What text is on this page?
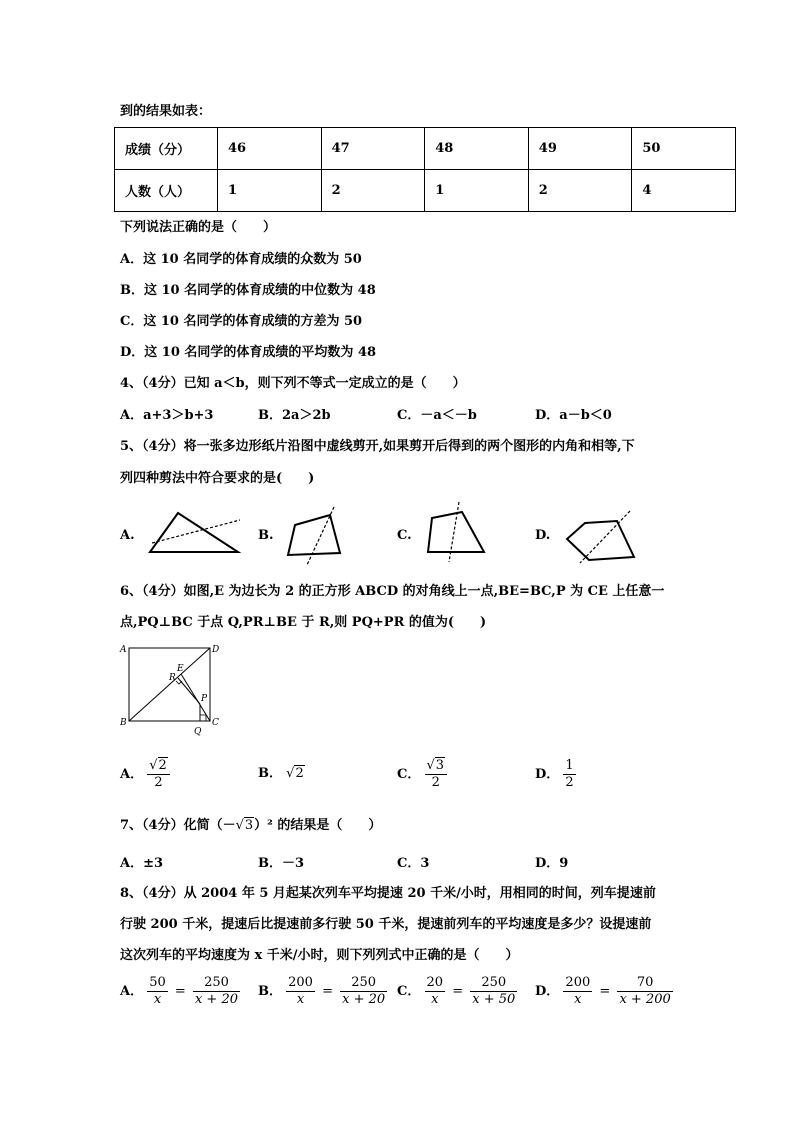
到的结果如表：
成绩（分）	46	47	48	49	50
人数（人）	1	2	1	2	4
下列说法正确的是（　　）
A．这 10 名同学的体育成绩的众数为 50
B．这 10 名同学的体育成绩的中位数为 48
C．这 10 名同学的体育成绩的方差为 50
D．这 10 名同学的体育成绩的平均数为 48
4、（4分）已知 a＜b，则下列不等式一定成立的是（　　）
A．a+3＞b+3	B．2a＞2b	C．－a＜－b	D．a－b＜0
5、（4分）将一张多边形纸片沿图中虚线剪开,如果剪开后得到的两个图形的内角和相等,下
列四种剪法中符合要求的是(　　)
A.	B.	C.	D.
6、（4分）如图,E 为边长为 2 的正方形 ABCD 的对角线上一点,BE=BC,P 为 CE 上任意一
点,PQ⊥BC 于点 Q,PR⊥BE 于 R,则 PQ+PR 的值为(　　)
A
B	C
D
E
R
P
Q
A． $\frac{√2}{2}$	B． √2	C． $\frac{√3}{2}$	D． $\frac{1}{2}$
7、（4分）化简（－√3）² 的结果是（　　）
A．±3	B．－3	C．3	D．9
8、（4分）从 2004 年 5 月起某次列车平均提速 20 千米/小时，用相同的时间，列车提速前
行驶 200 千米，提速后比提速前多行驶 50 千米，提速前列车的平均速度是多少？设提速前
这次列车的平均速度为 x 千米/小时，则下列列式中正确的是（　　）
A． $\frac{50}{x} = \frac{250}{x + 20}$ B． $\frac{200}{x} = \frac{250}{x + 20}$ C． $\frac{20}{x} = \frac{250}{x + 50}$ D． $\frac{200}{x} = \frac{70}{x + 200}$
